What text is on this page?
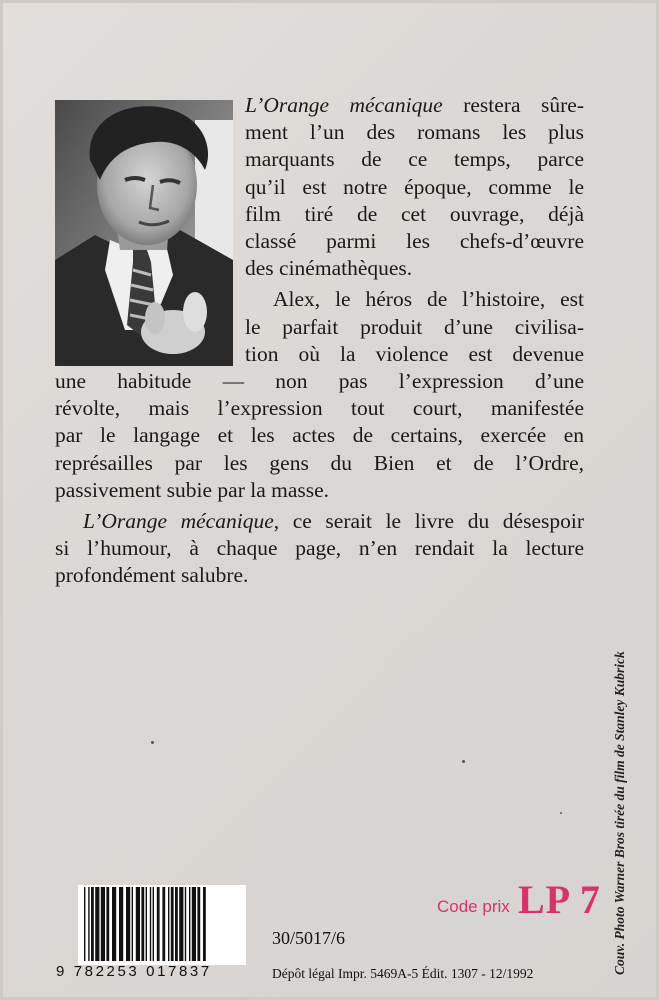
L’Orange mécanique restera sûre-
ment l’un des romans les plus
marquants de ce temps, parce
qu’il est notre époque, comme le
film tiré de cet ouvrage, déjà
classé parmi les chefs-d’œuvre
des cinémathèques.
Alex, le héros de l’histoire, est
le parfait produit d’une civilisa-
tion où la violence est devenue
une habitude — non pas l’expression d’une
révolte, mais l’expression tout court, manifestée
par le langage et les actes de certains, exercée en
représailles par les gens du Bien et de l’Ordre,
passivement subie par la masse.
L’Orange mécanique, ce serait le livre du désespoir
si l’humour, à chaque page, n’en rendait la lecture
profondément salubre.
9 782253 017837
30/5017/6
Dépôt légal Impr. 5469A-5 Édit. 1307 - 12/1992
Code prix LP 7 Couv. Photo Warner Bros tirée du film de Stanley Kubrick
